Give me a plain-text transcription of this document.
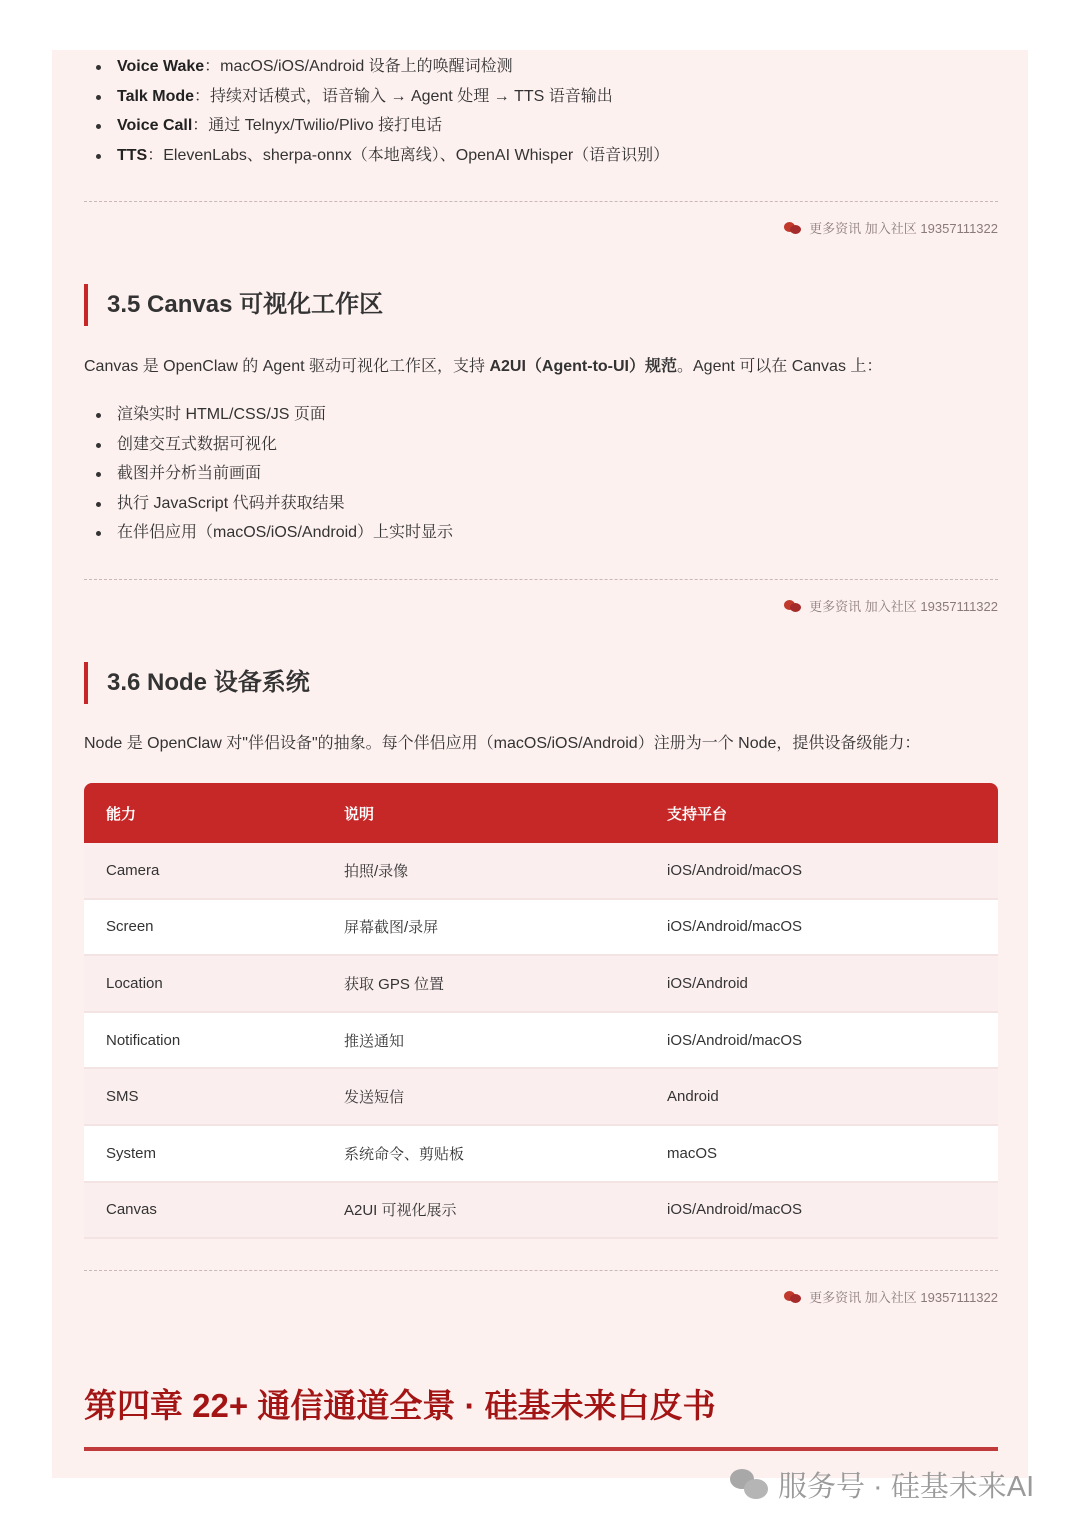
Voice Wake：macOS/iOS/Android 设备上的唤醒词检测
Talk Mode：持续对话模式，语音输入 → Agent 处理 → TTS 语音输出
Voice Call：通过 Telnyx/Twilio/Plivo 接打电话
TTS：ElevenLabs、sherpa-onnx（本地离线）、OpenAI Whisper（语音识别）
更多资讯 加入社区 19357111322
3.5 Canvas 可视化工作区
Canvas 是 OpenClaw 的 Agent 驱动可视化工作区，支持 A2UI（Agent-to-UI）规范。Agent 可以在 Canvas 上：
渲染实时 HTML/CSS/JS 页面
创建交互式数据可视化
截图并分析当前画面
执行 JavaScript 代码并获取结果
在伴侣应用（macOS/iOS/Android）上实时显示
更多资讯 加入社区 19357111322
3.6 Node 设备系统
Node 是 OpenClaw 对"伴侣设备"的抽象。每个伴侣应用（macOS/iOS/Android）注册为一个 Node，提供设备级能力：
能力	说明	支持平台
Camera	拍照/录像	iOS/Android/macOS
Screen	屏幕截图/录屏	iOS/Android/macOS
Location	获取 GPS 位置	iOS/Android
Notification	推送通知	iOS/Android/macOS
SMS	发送短信	Android
System	系统命令、剪贴板	macOS
Canvas	A2UI 可视化展示	iOS/Android/macOS
更多资讯 加入社区 19357111322
第四章 22+ 通信通道全景 · 硅基未来白皮书
服务号 · 硅基未来AI
